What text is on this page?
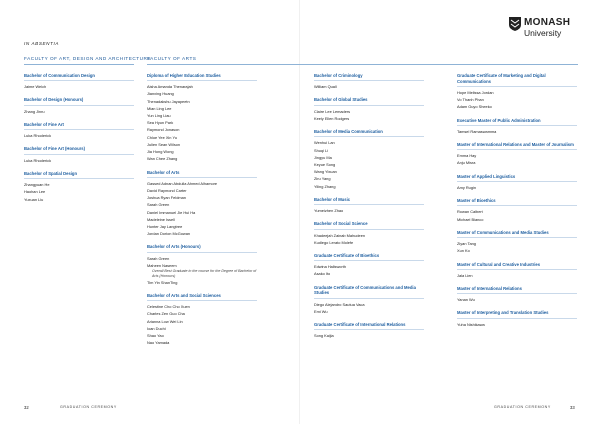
MONASH
University
IN ABSENTIA
FACULTY OF ART, DESIGN AND ARCHITECTURE
FACULTY OF ARTS
Bachelor of Communication Design
Jaime Welch
Bachelor of Design (Honours)
Zhang Jinru
Bachelor of Fine Art
Luka Rhoderick
Bachelor of Fine Art (Honours)
Luka Rhoderick
Bachelor of Spatial Design
Zhangyuan He
Haohan Lee
Yuxuan Liu
Diploma of Higher Education Studies
Aisha Amanda Thenarajah
Jianxing Huang
Thenadakshu Jayapeetn
Mian Ling Lee
Yun Ling Liau
Sea Hyun Park
Raymond Jonason
Chloe Yee Xin Yu
Julien Sean Wilson
Jia Hong Wong
Wan Chee Zhang
Bachelor of Arts
Gassed Adnan Abdulla Ahmed Alhamore
David Raymond Carter
Joshua Ryan Feldman
Sarah Green
Daniel Immanuel Jie Hui Ha
Madeleine Issell
Hunter Jay Langtree
Jordan Dorion McGowan
Bachelor of Arts (Honours)
Sarah Green
Maheen Naseem
Overall Best Graduate in the course for the Degree of Bachelor of Arts (Honours)
Tim Yin ShanTing
Bachelor of Arts and Social Sciences
Celestine Cho Cho Xuen
Charles Zen Guo Cha
Arianna Low Wei Lin
Ioan Duchi
Shao Yao
Nao Yamada
Bachelor of Criminology
William Quall
Bachelor of Global Studies
Claire Lee Lemaders
Keely Ellen Rodgers
Bachelor of Media Communication
Wenhui Lan
Shuqi Li
Jingyu Ma
Keyue Song
Wang Yixuan
Ziru Yang
Yiling Zhang
Bachelor of Music
Yumeizhen Zhao
Bachelor of Social Science
Khadeejah Zainab Mahudeen
Kudlego Lerato Molefe
Graduate Certificate of Bioethics
Edwina Hallsworth
Asako Ito
Graduate Certificate of Communications and Media Studies
Diego Alejandro Sautua Vaca
Emi Wu
Graduate Certificate of International Relations
Song Kaijia
Graduate Certificate of Marketing and Digital Communications
Hope Melissa Jordan
Vo Thanh Phan
Adam Guyo Sheeko
Executive Master of Public Administration
Tamsel Ramaswamma
Master of International Relations and Master of Journalism
Emma Hay
Anju Misra
Master of Applied Linguistics
Amy Rugin
Master of Bioethics
Rowan Calbert
Michael Bianco
Master of Communications and Media Studies
Ziyan Tang
Xun Ko
Master of Cultural and Creative Industries
Jala Lien
Master of International Relations
Yanan Wu
Master of Interpreting and Translation Studies
Yuha Nishikawa
32	GRADUATION CEREMONY	GRADUATION CEREMONY	33
